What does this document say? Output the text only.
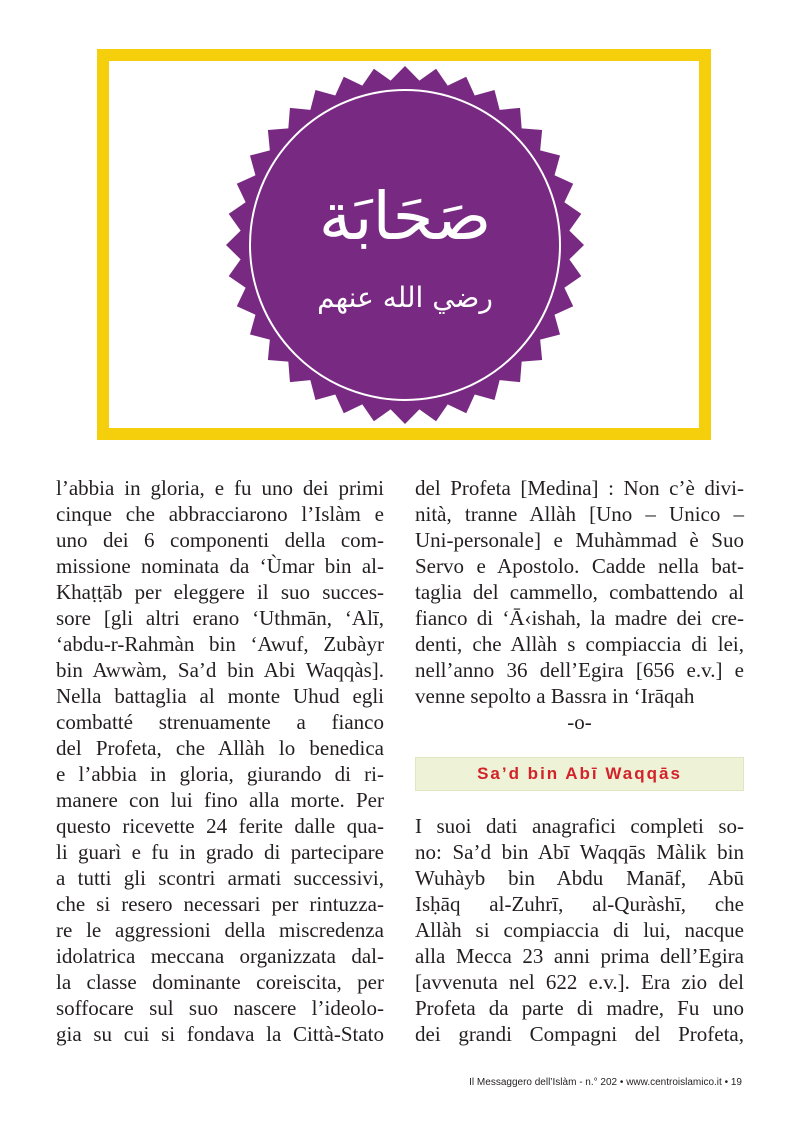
صَحَابَة
رضي الله عنهم
l’abbia in gloria, e fu uno dei primi
cinque che abbracciarono l’Islàm e
uno dei 6 componenti della com-
missione nominata da ‘Ùmar bin al-
Khaṭṭāb per eleggere il suo succes-
sore [gli altri erano ‘Uthmān, ‘Alī,
‘abdu-r-Rahmàn bin ‘Awuf, Zubàyr
bin Awwàm, Sa’d bin Abi Waqqàs].
Nella battaglia al monte Uhud egli
combatté strenuamente a fianco
del Profeta, che Allàh lo benedica
e l’abbia in gloria, giurando di ri-
manere con lui fino alla morte. Per
questo ricevette 24 ferite dalle qua-
li guarì e fu in grado di partecipare
a tutti gli scontri armati successivi,
che si resero necessari per rintuzza-
re le aggressioni della miscredenza
idolatrica meccana organizzata dal-
la classe dominante coreiscita, per
soffocare sul suo nascere l’ideolo-
gia su cui si fondava la Città-Stato
del Profeta [Medina] : Non c’è divi-
nità, tranne Allàh [Uno – Unico –
Uni-personale] e Muhàmmad è Suo
Servo e Apostolo. Cadde nella bat-
taglia del cammello, combattendo al
fianco di ‘Ā‹ishah, la madre dei cre-
denti, che Allàh s compiaccia di lei,
nell’anno 36 dell’Egira [656 e.v.] e
venne sepolto a Bassra in ‘Irāqah
-o-
Sa’d bin Abī Waqqās
I suoi dati anagrafici completi so-
no: Sa’d bin Abī Waqqās Màlik bin
Wuhàyb bin Abdu Manāf, Abū
Isḥāq al-Zuhrī, al-Quràshī, che
Allàh si compiaccia di lui, nacque
alla Mecca 23 anni prima dell’Egira
[avvenuta nel 622 e.v.]. Era zio del
Profeta da parte di madre, Fu uno
dei grandi Compagni del Profeta,
Il Messaggero dell’Islàm - n.° 202 • www.centroislamico.it • 19
